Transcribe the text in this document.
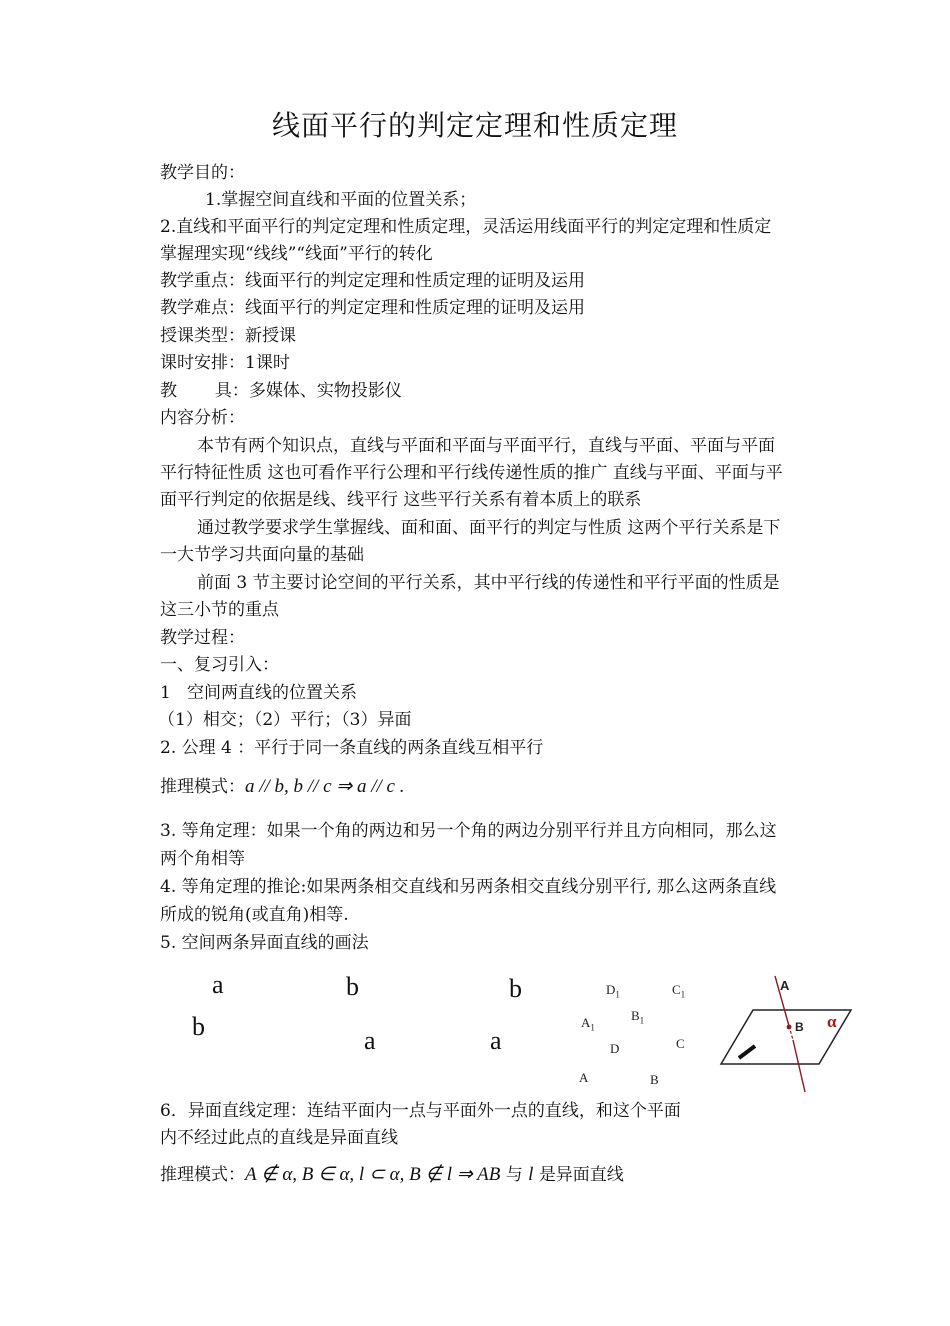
线面平行的判定定理和性质定理
教学目的：
1.掌握空间直线和平面的位置关系；
2.直线和平面平行的判定定理和性质定理，灵活运用线面平行的判定定理和性质定
掌握理实现“线线”“线面”平行的转化
教学重点：线面平行的判定定理和性质定理的证明及运用
教学难点：线面平行的判定定理和性质定理的证明及运用
授课类型：新授课
课时安排：1课时
教       具：多媒体、实物投影仪
内容分析：
本节有两个知识点，直线与平面和平面与平面平行，直线与平面、平面与平面
平行特征性质 这也可看作平行公理和平行线传递性质的推广 直线与平面、平面与平
面平行判定的依据是线、线平行 这些平行关系有着本质上的联系
通过教学要求学生掌握线、面和面、面平行的判定与性质 这两个平行关系是下
一大节学习共面向量的基础
前面 3 节主要讨论空间的平行关系，其中平行线的传递性和平行平面的性质是
这三小节的重点
教学过程：
一、复习引入：
1   空间两直线的位置关系
（1）相交；（2）平行；（3）异面
2. 公理 4 ：平行于同一条直线的两条直线互相平行
推理模式：a // b, b // c ⇒ a // c .
3. 等角定理：如果一个角的两边和另一个角的两边分别平行并且方向相同，那么这
两个角相等
4. 等角定理的推论:如果两条相交直线和另两条相交直线分别平行, 那么这两条直线
所成的锐角(或直角)相等.
5. 空间两条异面直线的画法
a
b
b
a
b
a
$D_1$	$C_1$
$A_1$
$B_1$
D	C
A	B
A
B α
6．异面直线定理：连结平面内一点与平面外一点的直线，和这个平面
内不经过此点的直线是异面直线
推理模式：A ∉ α, B ∈ α, l ⊂ α, B ∉ l ⇒ AB 与 l 是异面直线
